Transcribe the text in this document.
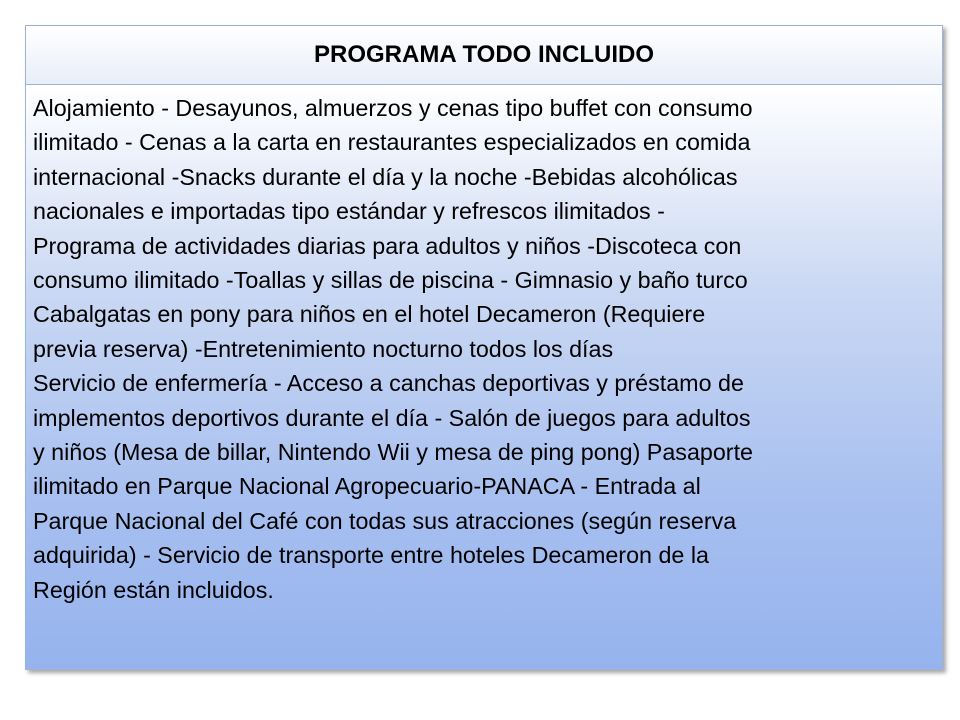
PROGRAMA TODO INCLUIDO

Alojamiento - Desayunos, almuerzos y cenas tipo buffet con consumo
ilimitado - Cenas a la carta en restaurantes especializados en comida
internacional -Snacks durante el día y la noche -Bebidas alcohólicas
nacionales e importadas tipo estándar y refrescos ilimitados -
Programa de actividades diarias para adultos y niños -Discoteca con
consumo ilimitado -Toallas y sillas de piscina - Gimnasio y baño turco
Cabalgatas en pony para niños en el hotel Decameron (Requiere
previa reserva) -Entretenimiento nocturno todos los días
Servicio de enfermería - Acceso a canchas deportivas y préstamo de
implementos deportivos durante el día - Salón de juegos para adultos
y niños (Mesa de billar, Nintendo Wii y mesa de ping pong) Pasaporte
ilimitado en Parque Nacional Agropecuario-PANACA - Entrada al
Parque Nacional del Café con todas sus atracciones (según reserva
adquirida) - Servicio de transporte entre hoteles Decameron de la
Región están incluidos.
